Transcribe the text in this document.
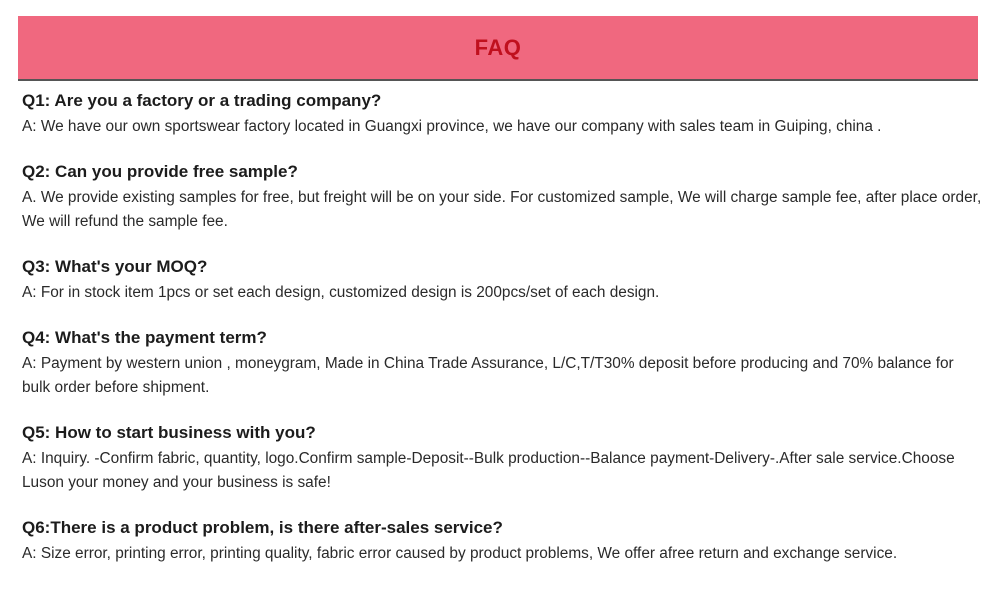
FAQ

Q1: Are you a factory or a trading company?

A: We have our own sportswear factory located in Guangxi province, we have our company with sales team in Guiping, china .

Q2: Can you provide free sample?

A. We provide existing samples for free, but freight will be on your side. For customized sample, We will charge sample fee, after place order, We will refund the sample fee.

Q3: What's your MOQ?

A: For in stock item 1pcs or set each design, customized design is 200pcs/set of each design.

Q4: What's the payment term?

A: Payment by western union , moneygram, Made in China Trade Assurance, L/C,T/T30% deposit before producing and 70% balance for bulk order before shipment.

Q5: How to start business with you?

A: Inquiry. -Confirm fabric, quantity, logo.Confirm sample-Deposit--Bulk production--Balance payment-Delivery-.After sale service.Choose Luson your money and your business is safe!

Q6:There is a product problem, is there after-sales service?

A: Size error, printing error, printing quality, fabric error caused by product problems, We offer afree return and exchange service.
